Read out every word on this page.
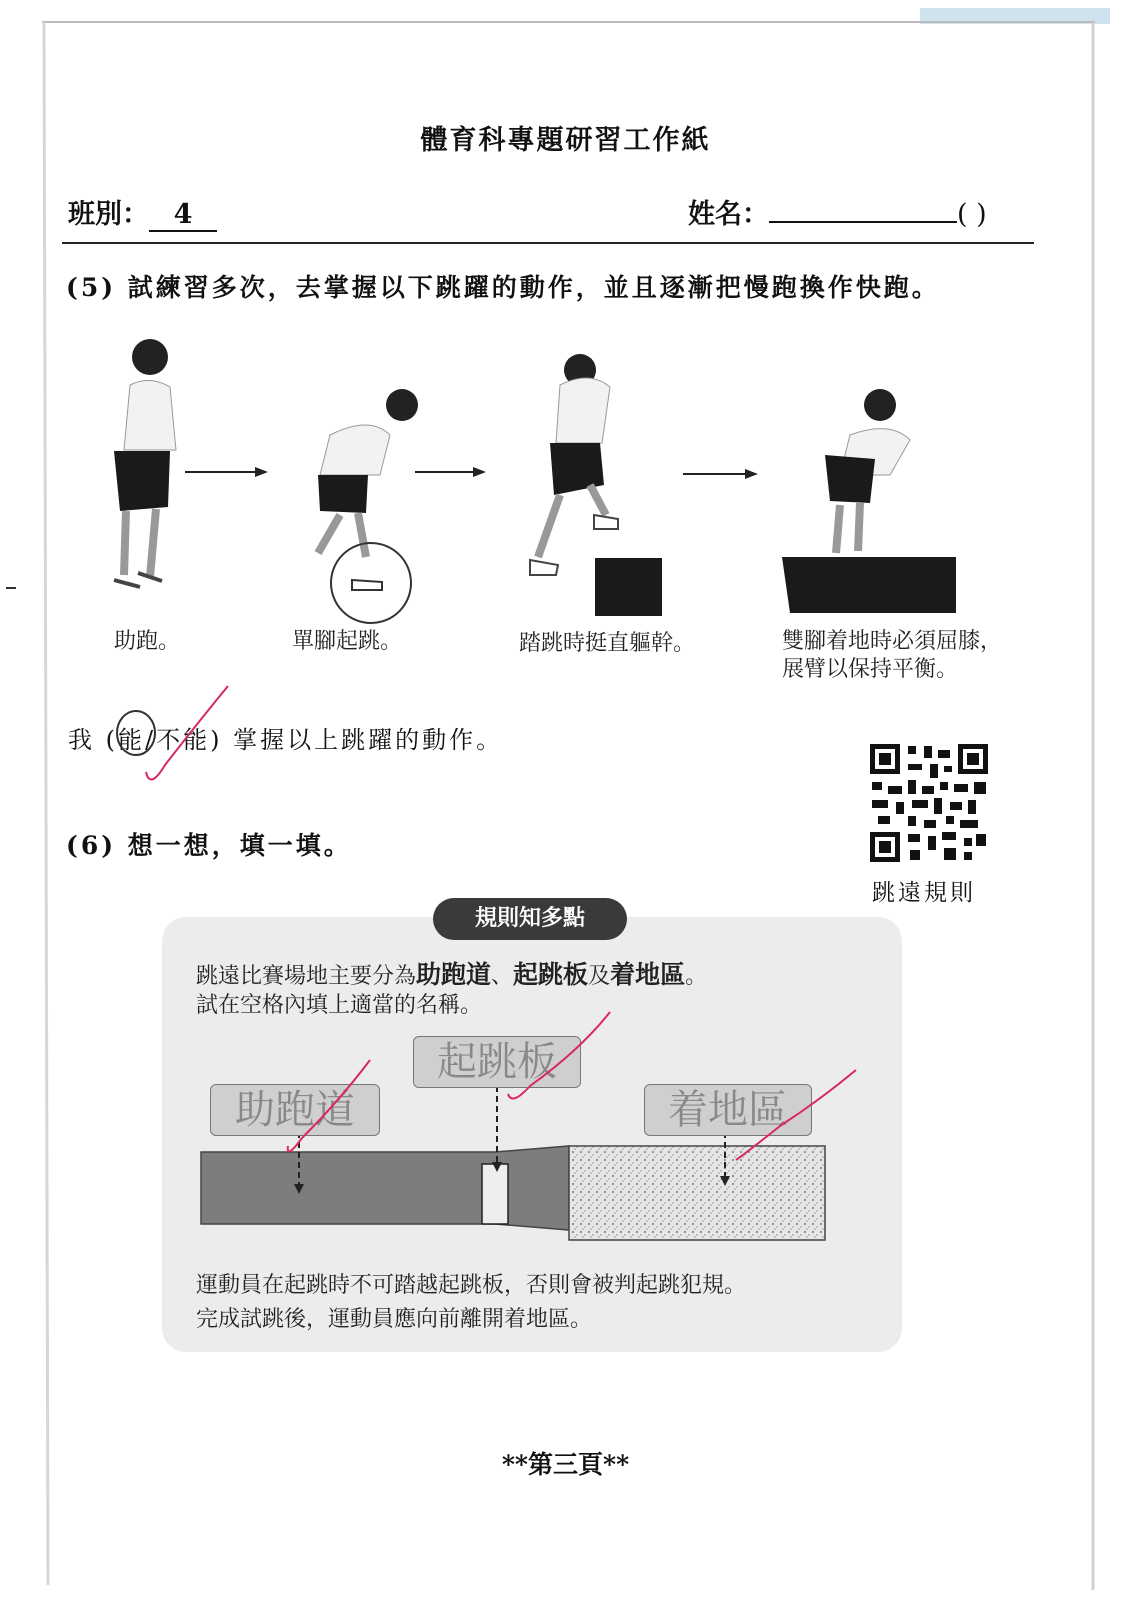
體育科專題研習工作紙
班別： 4	姓名：	( )
(5) 試練習多次，去掌握以下跳躍的動作，並且逐漸把慢跑換作快跑。
助跑。	單腳起跳。	踏跳時挺直軀幹。	雙腳着地時必須屈膝，
展臂以保持平衡。
我 (能/不能) 掌握以上跳躍的動作。
跳遠規則
(6) 想一想，填一填。
規則知多點
跳遠比賽場地主要分為助跑道、起跳板及着地區。
試在空格內填上適當的名稱。
助跑道
起跳板
着地區
運動員在起跳時不可踏越起跳板，否則會被判起跳犯規。
完成試跳後，運動員應向前離開着地區。
**第三頁**
